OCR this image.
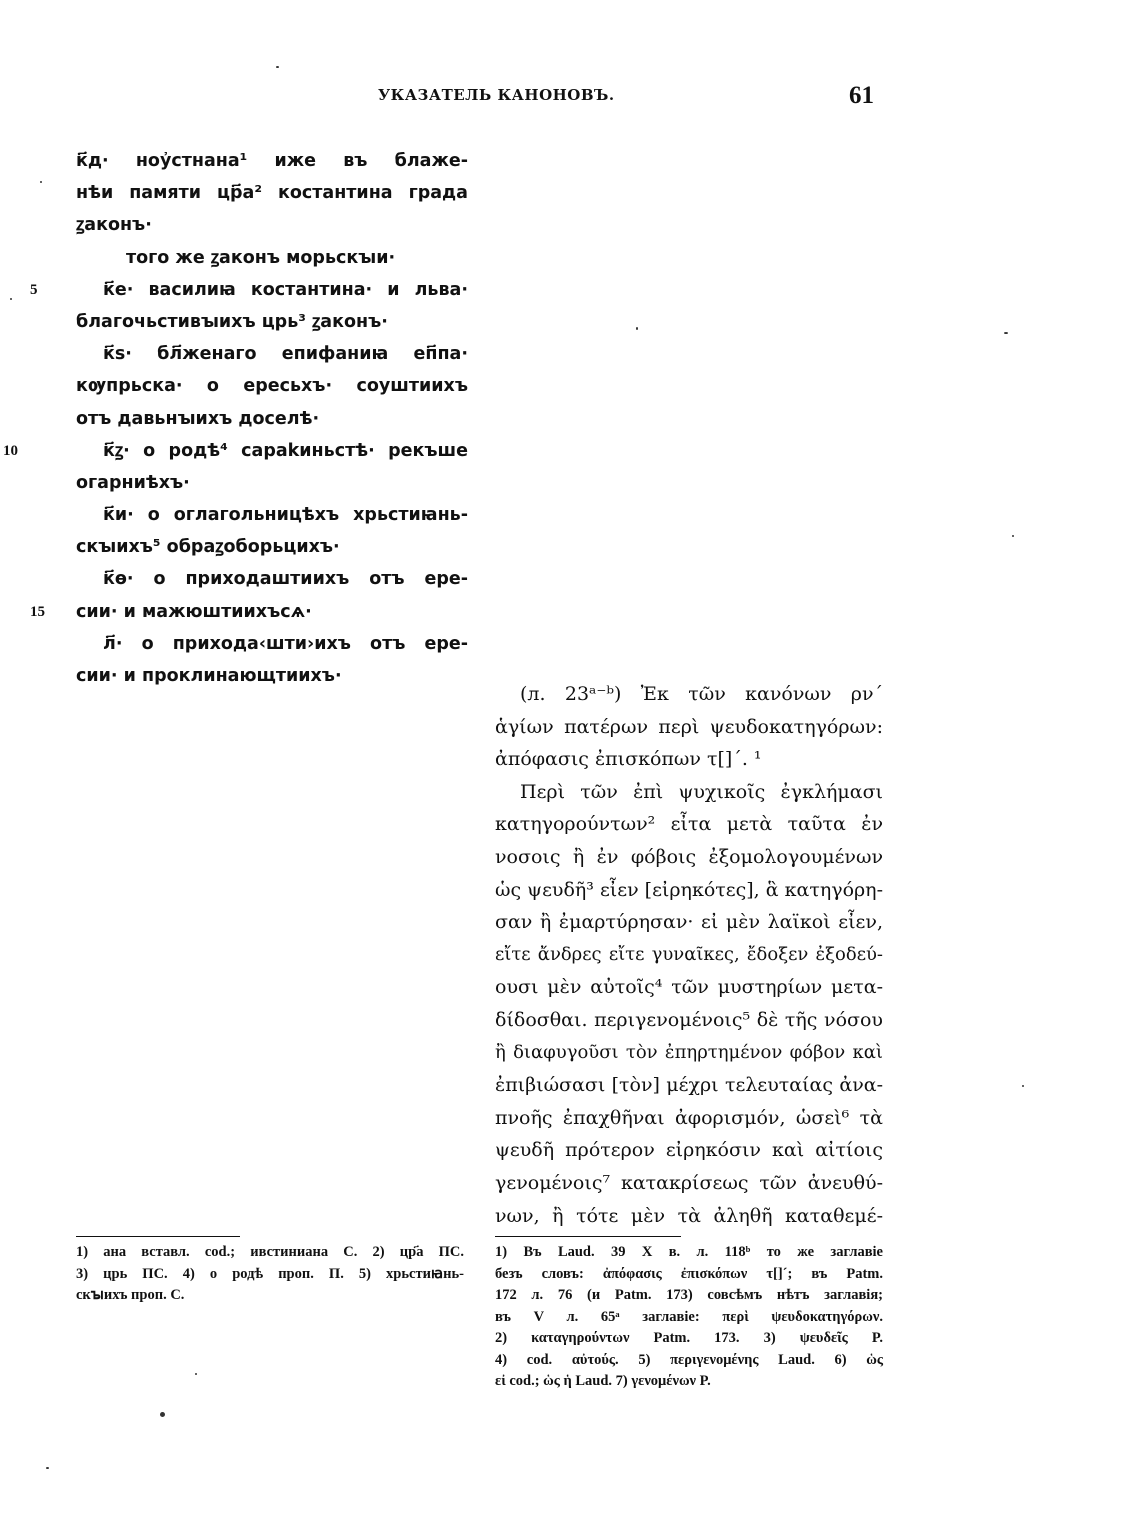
УКАЗАТЕЛЬ КАНОНОВЪ.	61
к҃д· ноу҆стнана¹ иже въ блаже-
нѣи памяти цр҃а² костантина града
ꙁаконъ·
того же ꙁаконъ морьскꙑи·
5	к҃е· василиꙗ костантина· и льва·
благочьстивꙑихъ црь³ ꙁаконъ·
к҃ѕ· бл҃женаго епифаниꙗ еп҃па·
кѹпрьска· о ересьхъ· соуштиихъ
отъ давьнꙑихъ доселѣ·
10	к҃ꙁ· о родѣ⁴ сараkиньстѣ· рекъше
огарниѣхъ·
к҃и· о оглагольницѣхъ хрьстиꙗнь-
скꙑихъ⁵ обраꙁоборьцихъ·
к҃ѳ· о приходаштиихъ отъ ере-
15	сии· и мажюштиихъсѧ·
л҃· о прихода‹шти›ихъ отъ ере-
сии· и проклинающтиихъ·
(л. 23ᵃ⁻ᵇ) Ἐκ τῶν κανόνων ρν´
ἁγίων πατέρων περὶ ψευδοκατηγόρων:
ἀπόφασις ἐπισκόπων τ[]´. ¹
Περὶ τῶν ἐπὶ ψυχικοῖς ἐγκλήμασι
κατηγορούντων² εἶτα μετὰ ταῦτα ἐν
νοσοις ἢ ἐν φόβοις ἐξομολογουμένων
ὡς ψευδῆ³ εἶεν [εἰρηκότες], ἃ κατηγόρη-
σαν ἢ ἐμαρτύρησαν· εἰ μὲν λαϊκοὶ εἶεν,
εἴτε ἄνδρες εἴτε γυναῖκες, ἔδοξεν ἐξοδεύ-
ουσι μὲν αὐτοῖς⁴ τῶν μυστηρίων μετα-
δίδοσθαι. περιγενομένοις⁵ δὲ τῆς νόσου
ἢ διαφυγοῦσι τὸν ἐπηρτημένον φόβον καὶ
ἐπιβιώσασι [τὸν] μέχρι τελευταίας ἀνα-
πνοῆς ἐπαχθῆναι ἀφορισμόν, ὡσεὶ⁶ τὰ
ψευδῆ πρότερον εἰρηκόσιν καὶ αἰτίοις
γενομένοις⁷ κατακρίσεως τῶν ἀνευθύ-
νων, ἢ τότε μὲν τὰ ἀληθῆ καταθεμέ-
1) ана вставл. cod.; ивстиниана С. 2) цр҃а ПС.
3) црь ПС. 4) о родѣ проп. П. 5) хрьстиꙗнь-
скꙑихъ проп. С.
1) Въ Laud. 39 X в. л. 118ᵇ то же заглавіе
безъ словъ: ἀπόφασις ἐπισκόπων τ[]´; въ Patm.
172 л. 76 (и Patm. 173) совсѣмъ нѣтъ заглавія;
въ V л. 65ᵃ заглавіе: περὶ ψευδοκατηγόρων.
2) καταγηρούντων Patm. 173. 3) ψευδεῖς P.
4) cod. αὐτούς. 5) περιγενομένης Laud. 6) ὡς
εἰ cod.; ὡς ἡ Laud. 7) γενομένων P.
